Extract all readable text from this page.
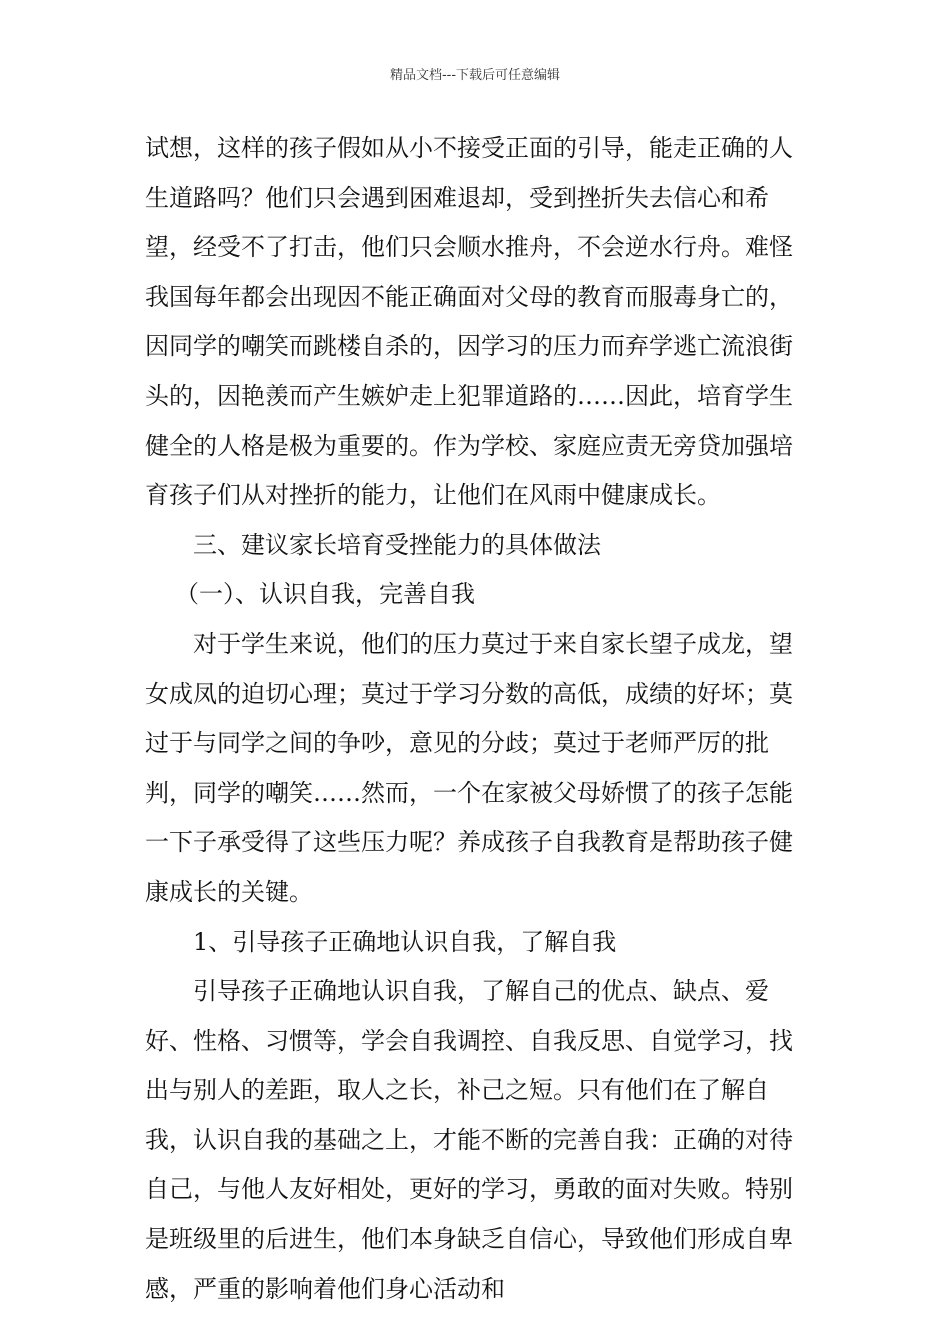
精品文档---下载后可任意编辑

试想，这样的孩子假如从小不接受正面的引导，能走正确的人生道路吗？他们只会遇到困难退却，受到挫折失去信心和希望，经受不了打击，他们只会顺水推舟，不会逆水行舟。难怪我国每年都会出现因不能正确面对父母的教育而服毒身亡的，因同学的嘲笑而跳楼自杀的，因学习的压力而弃学逃亡流浪街头的，因艳羡而产生嫉妒走上犯罪道路的……因此，培育学生健全的人格是极为重要的。作为学校、家庭应责无旁贷加强培育孩子们从对挫折的能力，让他们在风雨中健康成长。

三、建议家长培育受挫能力的具体做法

（一）、认识自我，完善自我

对于学生来说，他们的压力莫过于来自家长望子成龙，望女成凤的迫切心理；莫过于学习分数的高低，成绩的好坏；莫过于与同学之间的争吵，意见的分歧；莫过于老师严厉的批判，同学的嘲笑……然而，一个在家被父母娇惯了的孩子怎能一下子承受得了这些压力呢？养成孩子自我教育是帮助孩子健康成长的关键。

1、引导孩子正确地认识自我，了解自我

引导孩子正确地认识自我，了解自己的优点、缺点、爱好、性格、习惯等，学会自我调控、自我反思、自觉学习，找出与别人的差距，取人之长，补己之短。只有他们在了解自我，认识自我的基础之上，才能不断的完善自我：正确的对待自己，与他人友好相处，更好的学习，勇敢的面对失败。特别是班级里的后进生，他们本身缺乏自信心，导致他们形成自卑感，严重的影响着他们身心活动和
